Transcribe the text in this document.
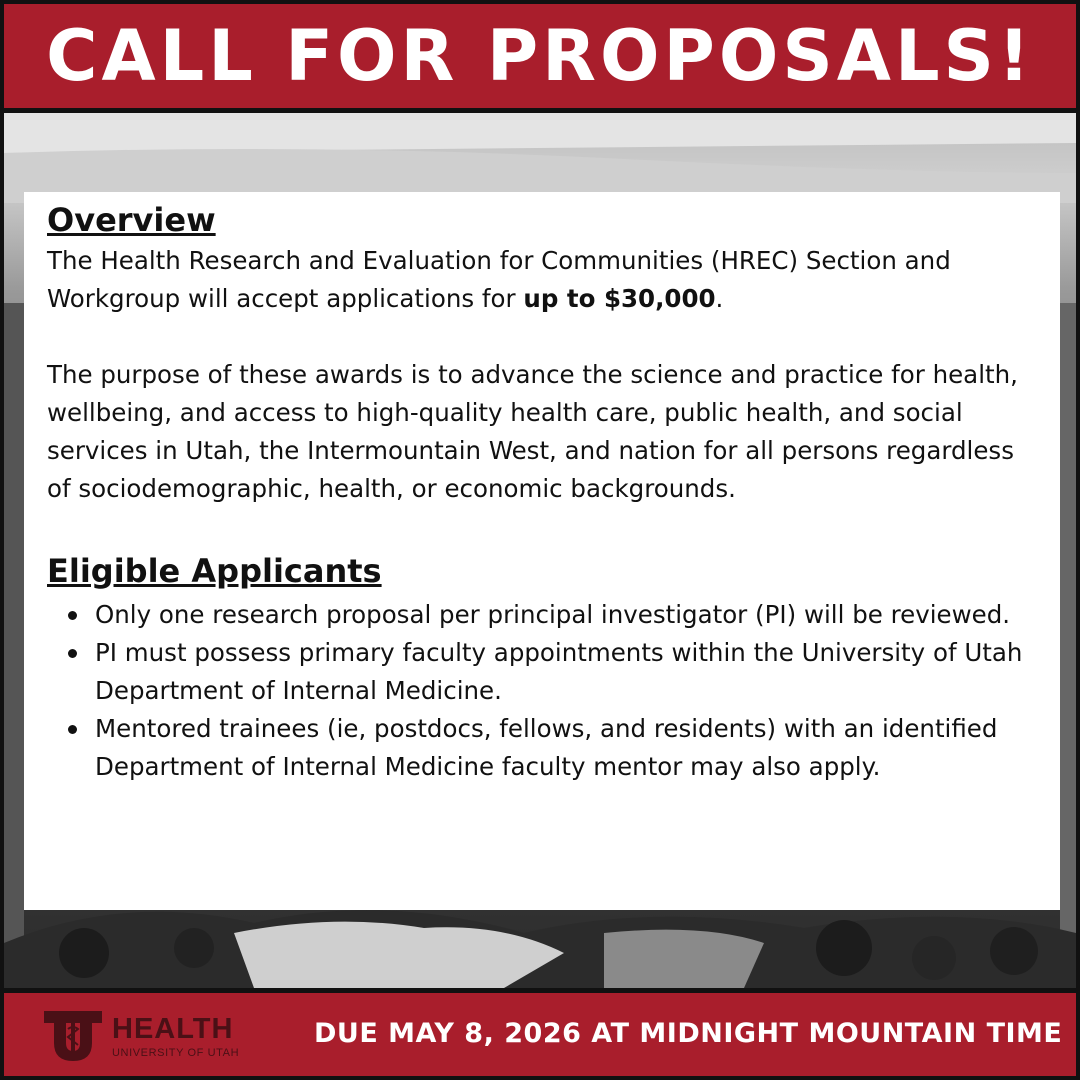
CALL FOR PROPOSALS!
Overview

The Health Research and Evaluation for Communities (HREC) Section and Workgroup will accept applications for up to $30,000.

The purpose of these awards is to advance the science and practice for health, wellbeing, and access to high-quality health care, public health, and social services in Utah, the Intermountain West, and nation for all persons regardless of sociodemographic, health, or economic backgrounds.

Eligible Applicants
Only one research proposal per principal investigator (PI) will be reviewed.
PI must possess primary faculty appointments within the University of Utah Department of Internal Medicine.
Mentored trainees (ie, postdocs, fellows, and residents) with an identified Department of Internal Medicine faculty mentor may also apply.
HEALTH
UNIVERSITY OF UTAH
DUE MAY 8, 2026 AT MIDNIGHT MOUNTAIN TIME
